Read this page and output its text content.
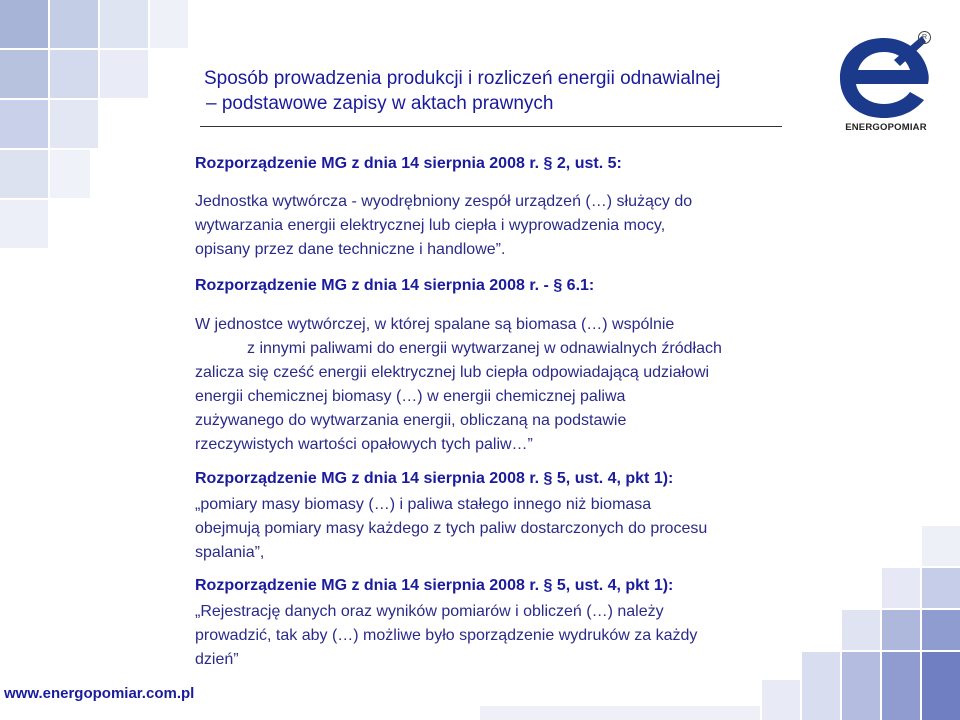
R
ENERGOPOMIAR
Sposób prowadzenia produkcji i rozliczeń energii odnawialnej
– podstawowe zapisy w aktach prawnych
Rozporządzenie MG z dnia 14 sierpnia 2008 r. § 2, ust. 5:
Jednostka wytwórcza - wyodrębniony zespół urządzeń (…) służący do
wytwarzania energii elektrycznej lub ciepła i wyprowadzenia mocy,
opisany przez dane techniczne i handlowe”.
Rozporządzenie MG z dnia 14 sierpnia 2008 r. - § 6.1:
W jednostce wytwórczej, w której spalane są biomasa (…) wspólnie
z innymi paliwami do energii wytwarzanej w odnawialnych źródłach
zalicza się cześć energii elektrycznej lub ciepła odpowiadającą udziałowi
energii chemicznej biomasy (…) w energii chemicznej paliwa
zużywanego do wytwarzania energii, obliczaną na podstawie
rzeczywistych wartości opałowych tych paliw…”
Rozporządzenie MG z dnia 14 sierpnia 2008 r. § 5, ust. 4, pkt 1):
„pomiary masy biomasy (…) i paliwa stałego innego niż biomasa
obejmują pomiary masy każdego z tych paliw dostarczonych do procesu
spalania”,
Rozporządzenie MG z dnia 14 sierpnia 2008 r. § 5, ust. 4, pkt 1):
„Rejestrację danych oraz wyników pomiarów i obliczeń (…) należy
prowadzić, tak aby (…) możliwe było sporządzenie wydruków za każdy
dzień”
www.energopomiar.com.pl
